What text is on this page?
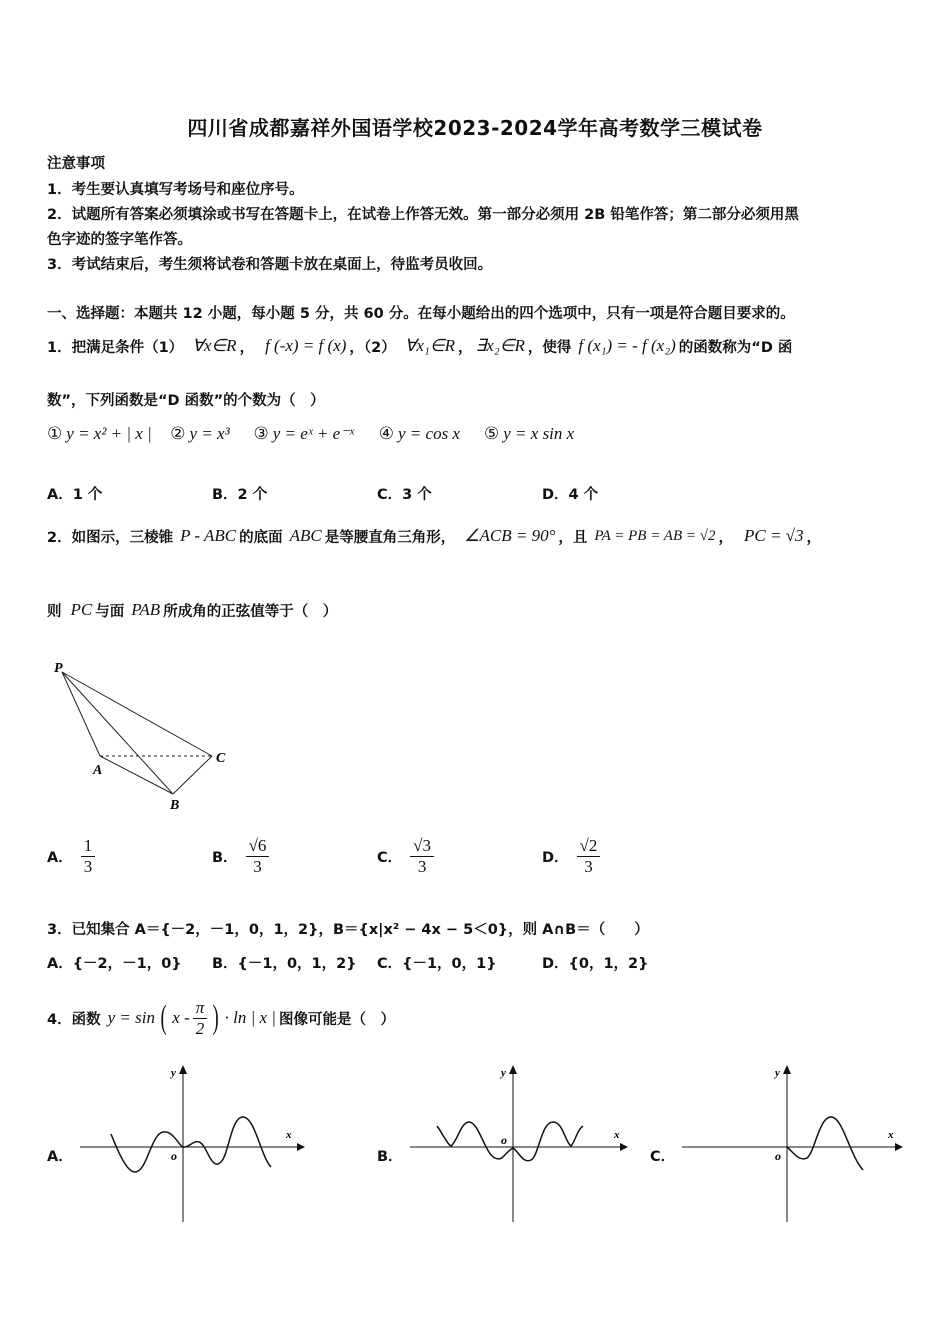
四川省成都嘉祥外国语学校2023-2024学年高考数学三模试卷
注意事项
1．考生要认真填写考场号和座位序号。
2．试题所有答案必须填涂或书写在答题卡上，在试卷上作答无效。第一部分必须用 2B 铅笔作答；第二部分必须用黑
色字迹的签字笔作答。
3．考试结束后，考生须将试卷和答题卡放在桌面上，待监考员收回。
一、选择题：本题共 12 小题，每小题 5 分，共 60 分。在每小题给出的四个选项中，只有一项是符合题目要求的。
1．把满足条件（1） ∀x∈R ， f (-x) = f (x) ，（2） ∀x₁∈R ， ∃x₂∈R ，使得 f (x₁) = - f (x₂) 的函数称为“D 函
数”，下列函数是“D 函数”的个数为（　）
① y = x² + | x |	② y = x³	③ y = eˣ + e⁻ˣ	④ y = cos x	⑤ y = x sin x
A．1 个	B．2 个	C．3 个	D．4 个
2．如图示，三棱锥 P - ABC 的底面 ABC 是等腰直角三角形， ∠ACB = 90° ，且 PA = PB = AB = √2 ， PC = √3 ，
则 PC 与面 PAB 所成角的正弦值等于（　）
P
A
B
C
A． $\frac{1}{3}$	B． $\frac{√6}{3}$	C． $\frac{√3}{3}$	D． $\frac{√2}{3}$
3．已知集合 A＝{－2，－1，0，1，2}，B＝{x|x² − 4x − 5＜0}，则 A∩B＝（　　）
A．{－2，－1，0} B．{－1，0，1，2} C．{－1，0，1}	D．{0，1，2}
4．函数 y = sin ( x - $\frac{\pi}{2}$ ) · ln | x | 图像可能是（　）
A．	B．	C．
x
y
o
x
y
o	x
y
o
